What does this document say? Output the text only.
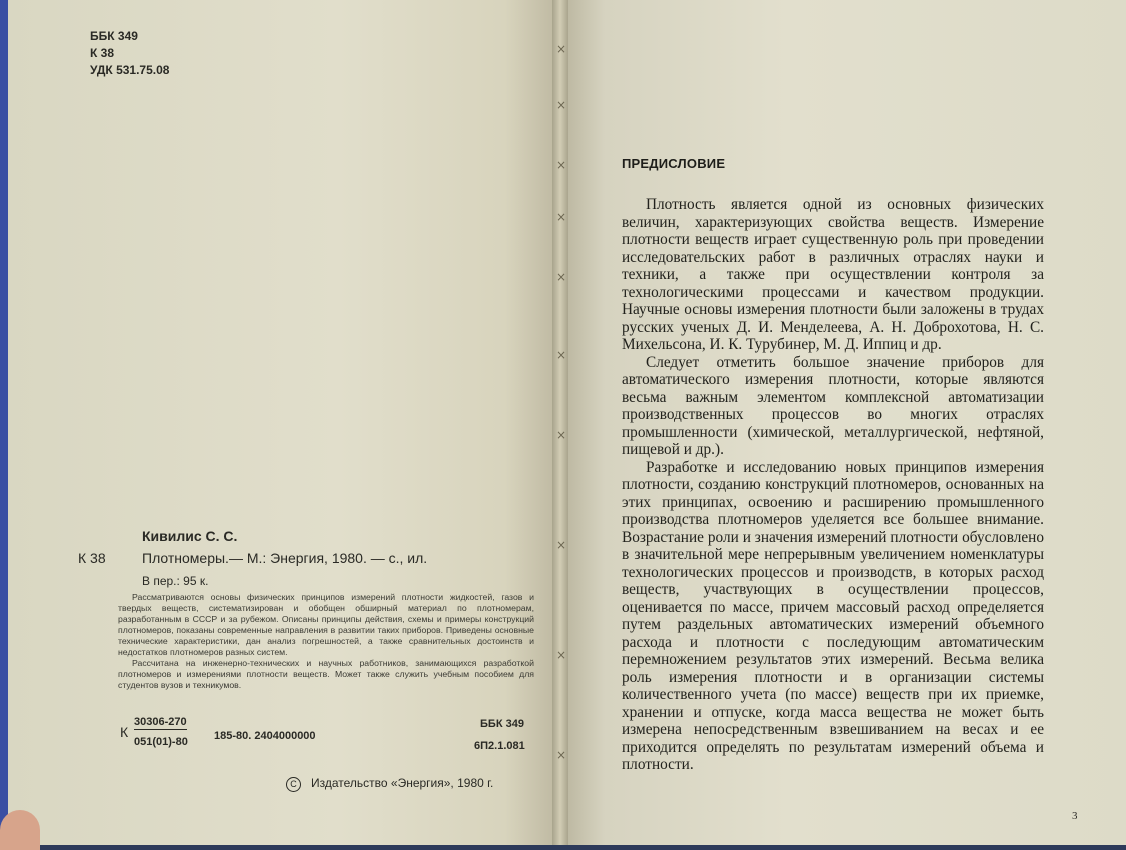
×
×
×
×
×
×
×
×
×
×
ББК 349
К 38
УДК 531.75.08
Кивилис С. С.
К 38	Плотномеры.— М.: Энергия, 1980. — с., ил.
В пер.: 95 к.

Рассматриваются основы физических принципов измерений плотности жидкостей, газов и твердых веществ, систематизирован и обобщен обширный материал по плотномерам, разработанным в СССР и за рубежом. Описаны принципы действия, схемы и примеры конструкций плотномеров, показаны современные направления в развитии таких приборов. Приведены основные технические характеристики, дан анализ погрешностей, а также сравнительных достоинств и недостатков плотномеров разных систем.

Рассчитана на инженерно-технических и научных работников, занимающихся разработкой плотномеров и измерениями плотности веществ. Может также служить учебным пособием для студентов вузов и техникумов.

К
30306-270
051(01)-80 185-80. 2404000000
ББК 349
6П2.1.081
С Издательство «Энергия», 1980 г.
ПРЕДИСЛОВИЕ

Плотность является одной из основных физических величин, характеризующих свойства веществ. Измерение плотности веществ играет существенную роль при проведении исследовательских работ в различных отраслях науки и техники, а также при осуществлении контроля за технологическими процессами и качеством продукции. Научные основы измерения плотности были заложены в трудах русских ученых Д. И. Менделеева, А. Н. Доброхотова, Н. С. Михельсона, И. К. Турубинер, М. Д. Иппиц и др.

Следует отметить большое значение приборов для автоматического измерения плотности, которые являются весьма важным элементом комплексной автоматизации производственных процессов во многих отраслях промышленности (химической, металлургической, нефтяной, пищевой и др.).

Разработке и исследованию новых принципов измерения плотности, созданию конструкций плотномеров, основанных на этих принципах, освоению и расширению промышленного производства плотномеров уделяется все большее внимание. Возрастание роли и значения измерений плотности обусловлено в значительной мере непрерывным увеличением номенклатуры технологических процессов и производств, в которых расход веществ, участвующих в осуществлении процессов, оценивается по массе, причем массовый расход определяется путем раздельных автоматических измерений объемного расхода и плотности с последующим автоматическим перемножением результатов этих измерений. Весьма велика роль измерения плотности и в организации системы количественного учета (по массе) веществ при их приемке, хранении и отпуске, когда масса вещества не может быть измерена непосредственным взвешиванием на весах и ее приходится определять по результатам измерений объема и плотности.

3
